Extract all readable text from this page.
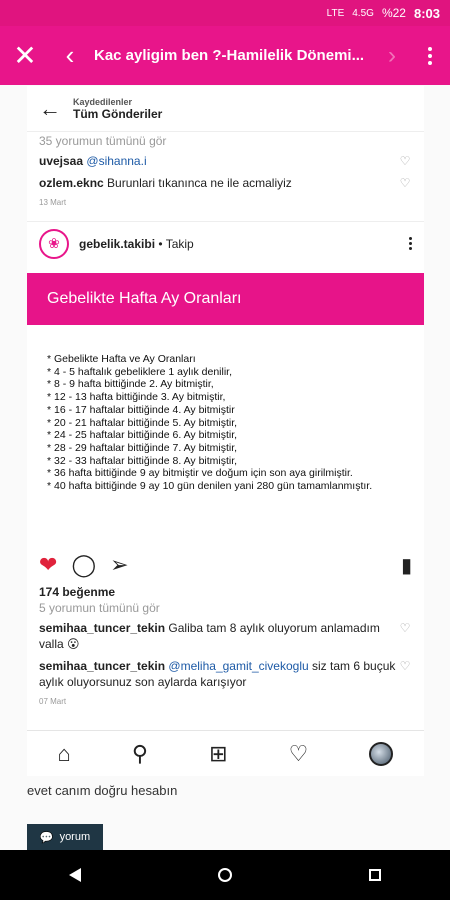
LTE 4.5G %22 8:03
✕	‹	Kac ayligim ben ?-Hamilelik Dönemi... ›
←	Kaydedilenler
Tüm Gönderiler
35 yorumun tümünü gör
uvejsaa @sihanna.i	♡
ozlem.eknc Burunlari tıkanınca ne ile acmaliyiz	♡
13 Mart
❀	gebelik.takibi • Takip
Gebelikte Hafta Ay Oranları
* Gebelikte Hafta ve Ay Oranları
* 4 - 5 haftalık gebeliklere 1 aylık denilir,
* 8 - 9 hafta bittiğinde 2. Ay bitmiştir,
* 12 - 13 hafta bittiğinde 3. Ay bitmiştir,
* 16 - 17 haftalar bittiğinde 4. Ay bitmiştir
* 20 - 21 haftalar bittiğinde 5. Ay bitmiştir,
* 24 - 25 haftalar bittiğinde 6. Ay bitmiştir,
* 28 - 29 haftalar bittiğinde 7. Ay bitmiştir,
* 32 - 33 haftalar bittiğinde 8. Ay bitmiştir,
* 36 hafta bittiğinde 9 ay bitmiştir ve doğum için son aya girilmiştir.
* 40 hafta bittiğinde 9 ay 10 gün denilen yani 280 gün tamamlanmıştır.
❤ ◯ ➢	▮
174 beğenme
5 yorumun tümünü gör
semihaa_tuncer_tekin Galiba tam 8 aylık oluyorum anlamadım valla 😮
♡
semihaa_tuncer_tekin @meliha_gamit_civekoglu siz tam 6 buçuk aylık oluyorsunuz son aylarda karışıyor
♡
07 Mart
⌂	⚲	⊞	♡
evet canım doğru hesabın
💬 yorum
